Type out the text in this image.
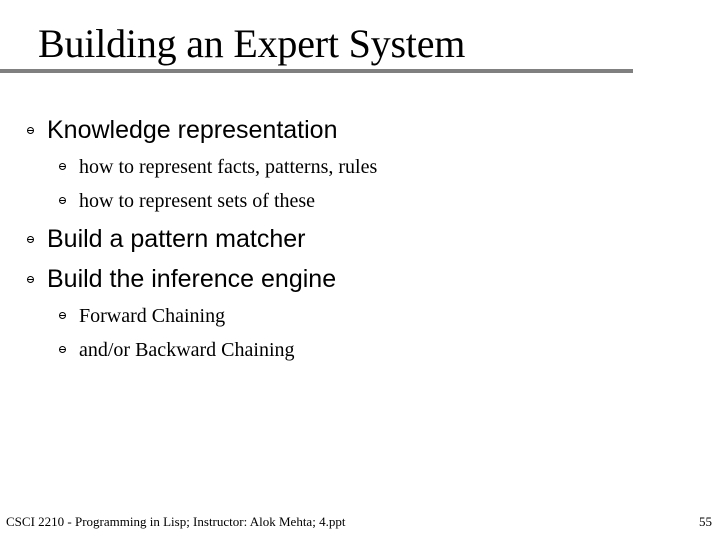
Building an Expert System
Knowledge representation
how to represent facts, patterns, rules
how to represent sets of these
Build a pattern matcher
Build the inference engine
Forward Chaining
and/or Backward Chaining
CSCI 2210 - Programming in Lisp; Instructor: Alok Mehta; 4.ppt	55
